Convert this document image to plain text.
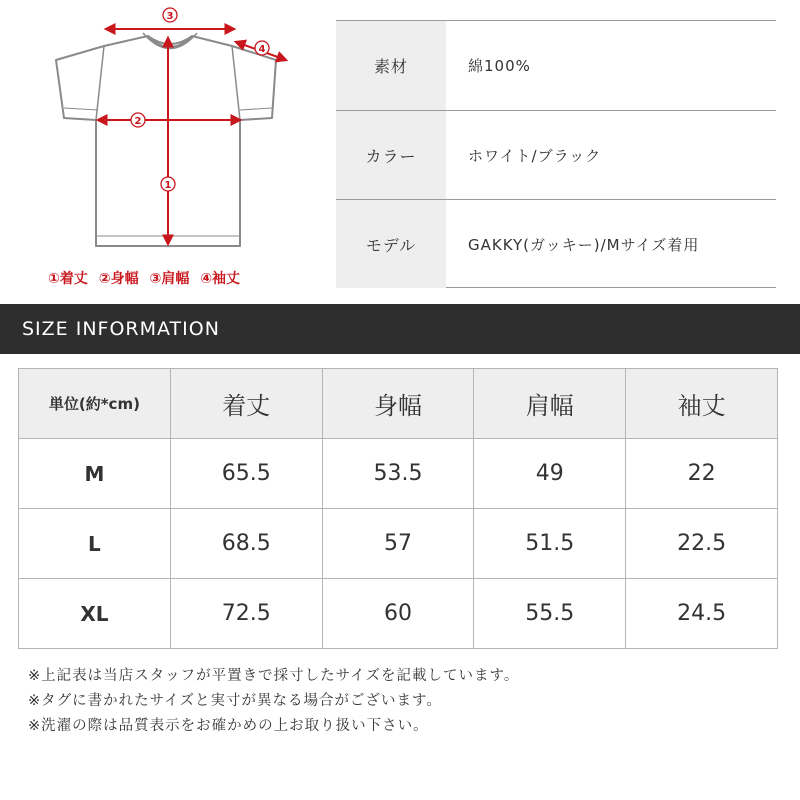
3
4
2
1
①着丈 ②身幅 ③肩幅 ④袖丈
素材	綿100%
カラー	ホワイト/ブラック
モデル	GAKKY(ガッキー)/Mサイズ着用
SIZE INFORMATION
単位(約*cm)	着丈	身幅	肩幅	袖丈
M	65.5	53.5	49	22
L	68.5	57	51.5	22.5
XL	72.5	60	55.5	24.5

※上記表は当店スタッフが平置きで採寸したサイズを記載しています。

※タグに書かれたサイズと実寸が異なる場合がございます。

※洗濯の際は品質表示をお確かめの上お取り扱い下さい。
